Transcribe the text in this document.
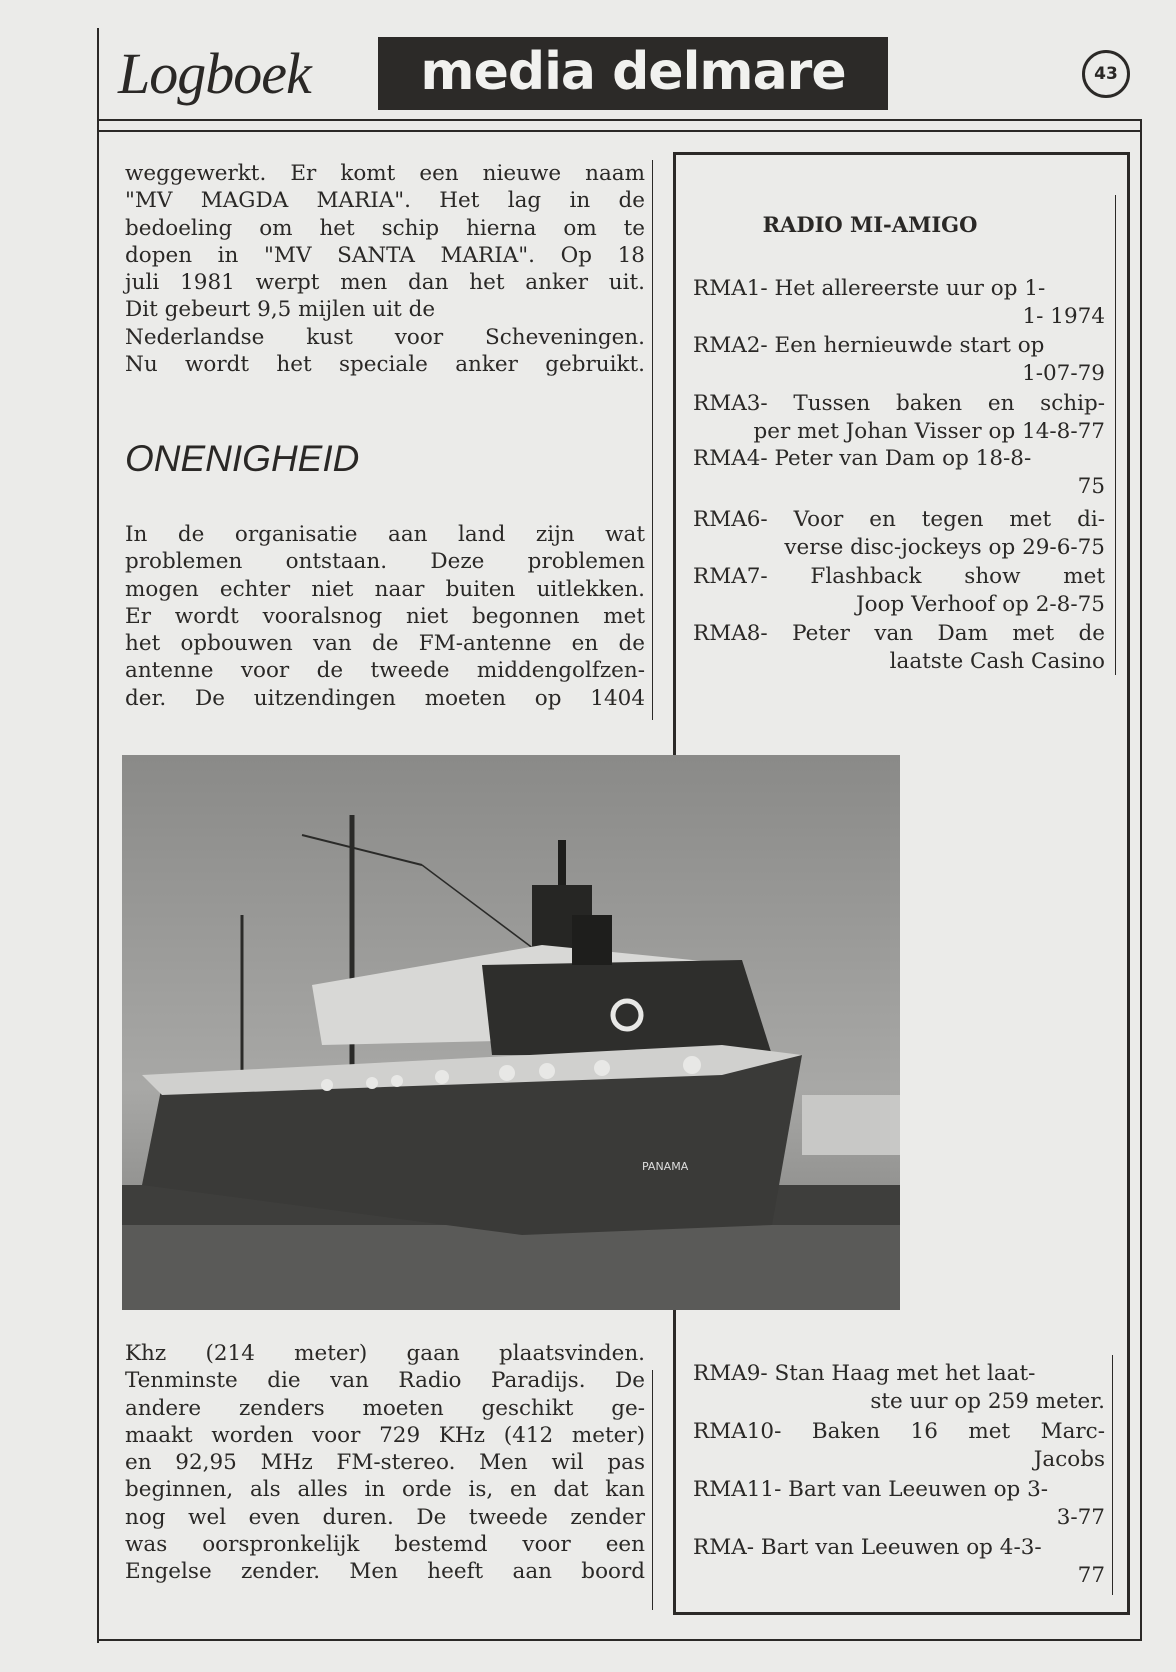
Logboek	media delmare	43
weggewerkt. Er komt een nieuwe naam
"MV MAGDA MARIA". Het lag in de
bedoeling om het schip hierna om te
dopen in "MV SANTA MARIA". Op 18
juli 1981 werpt men dan het anker uit.
Dit gebeurt 9,5 mijlen uit de
Nederlandse kust voor Scheveningen.
Nu wordt het speciale anker gebruikt.
ONENIGHEID
In de organisatie aan land zijn wat
problemen ontstaan. Deze problemen
mogen echter niet naar buiten uitlekken.
Er wordt vooralsnog niet begonnen met
het opbouwen van de FM-antenne en de
antenne voor de tweede middengolfzen-
der. De uitzendingen moeten op 1404
Khz (214 meter) gaan plaatsvinden.
Tenminste die van Radio Paradijs. De
andere zenders moeten geschikt ge-
maakt worden voor 729 KHz (412 meter)
en 92,95 MHz FM-stereo. Men wil pas
beginnen, als alles in orde is, en dat kan
nog wel even duren. De tweede zender
was oorspronkelijk bestemd voor een
Engelse zender. Men heeft aan boord
PANAMA
RADIO MI-AMIGO
RMA1- Het allereerste uur op 1-
1- 1974
RMA2- Een hernieuwde start op
1-07-79
RMA3- Tussen baken en schip-
per met Johan Visser op 14-8-77
RMA4- Peter van Dam op 18-8-
75
RMA6- Voor en tegen met di-
verse disc-jockeys op 29-6-75
RMA7- Flashback show met
Joop Verhoof op 2-8-75
RMA8- Peter van Dam met de
laatste Cash Casino
RMA9- Stan Haag met het laat-
ste uur op 259 meter.
RMA10- Baken 16 met Marc-
Jacobs
RMA11- Bart van Leeuwen op 3-
3-77
RMA- Bart van Leeuwen op 4-3-
77
